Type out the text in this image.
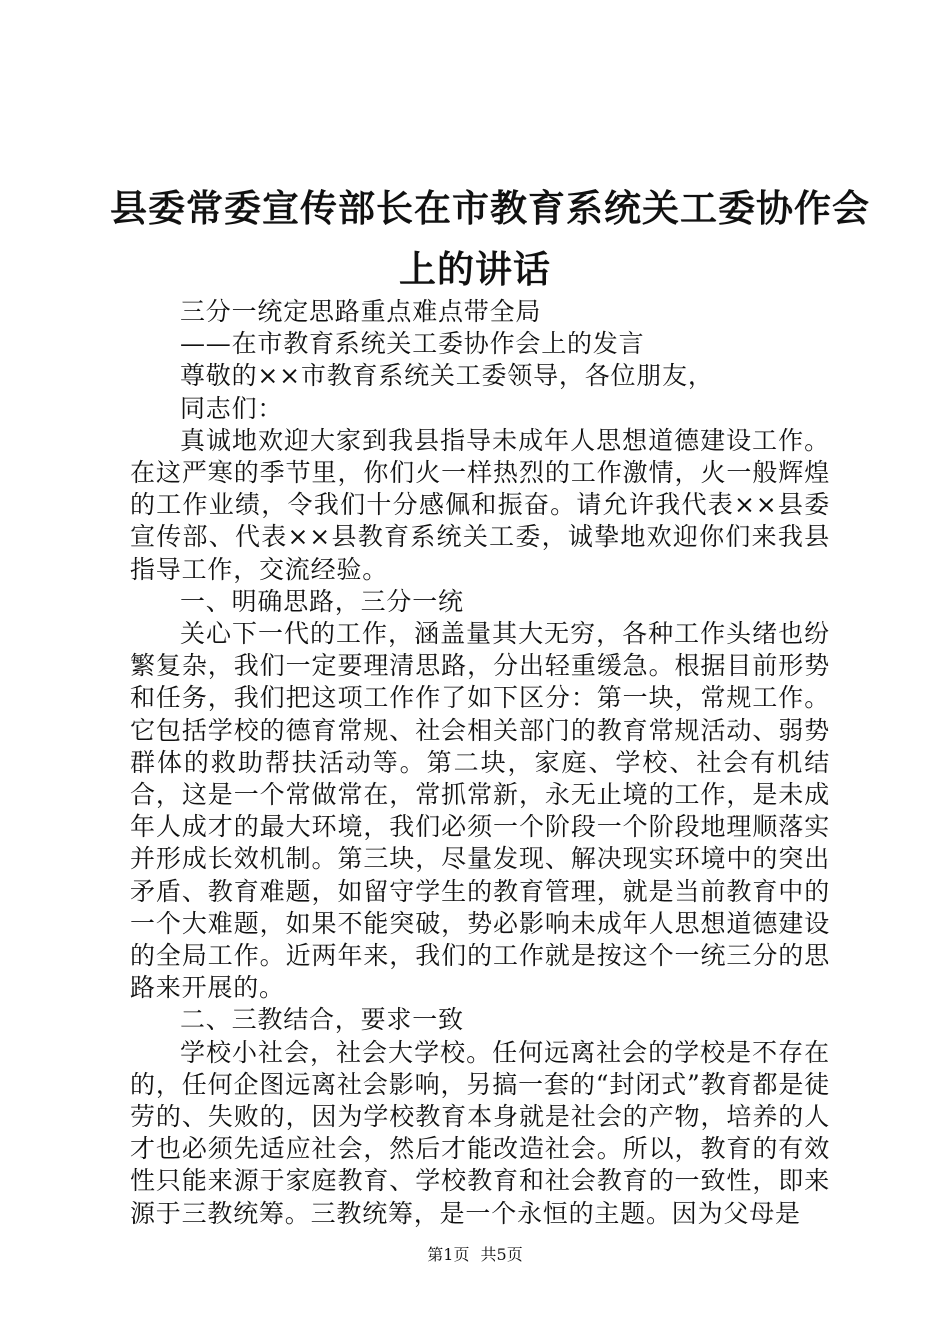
县委常委宣传部长在市教育系统关工委协作会
上的讲话

三分一统定思路重点难点带全局

——在市教育系统关工委协作会上的发言

尊敬的××市教育系统关工委领导，各位朋友，

同志们：

真诚地欢迎大家到我县指导未成年人思想道德建设工作。在这严寒的季节里，你们火一样热烈的工作激情，火一般辉煌的工作业绩，令我们十分感佩和振奋。请允许我代表××县委宣传部、代表××县教育系统关工委，诚挚地欢迎你们来我县指导工作，交流经验。

一、明确思路，三分一统

关心下一代的工作，涵盖量其大无穷，各种工作头绪也纷繁复杂，我们一定要理清思路，分出轻重缓急。根据目前形势和任务，我们把这项工作作了如下区分：第一块，常规工作。它包括学校的德育常规、社会相关部门的教育常规活动、弱势群体的救助帮扶活动等。第二块，家庭、学校、社会有机结合，这是一个常做常在，常抓常新，永无止境的工作，是未成年人成才的最大环境，我们必须一个阶段一个阶段地理顺落实并形成长效机制。第三块，尽量发现、解决现实环境中的突出矛盾、教育难题，如留守学生的教育管理，就是当前教育中的一个大难题，如果不能突破，势必影响未成年人思想道德建设的全局工作。近两年来，我们的工作就是按这个一统三分的思路来开展的。

二、三教结合，要求一致

学校小社会，社会大学校。任何远离社会的学校是不存在的，任何企图远离社会影响，另搞一套的“封闭式”教育都是徒劳的、失败的，因为学校教育本身就是社会的产物，培养的人才也必须先适应社会，然后才能改造社会。所以，教育的有效性只能来源于家庭教育、学校教育和社会教育的一致性，即来源于三教统筹。三教统筹，是一个永恒的主题。因为父母是

第1页 共5页
